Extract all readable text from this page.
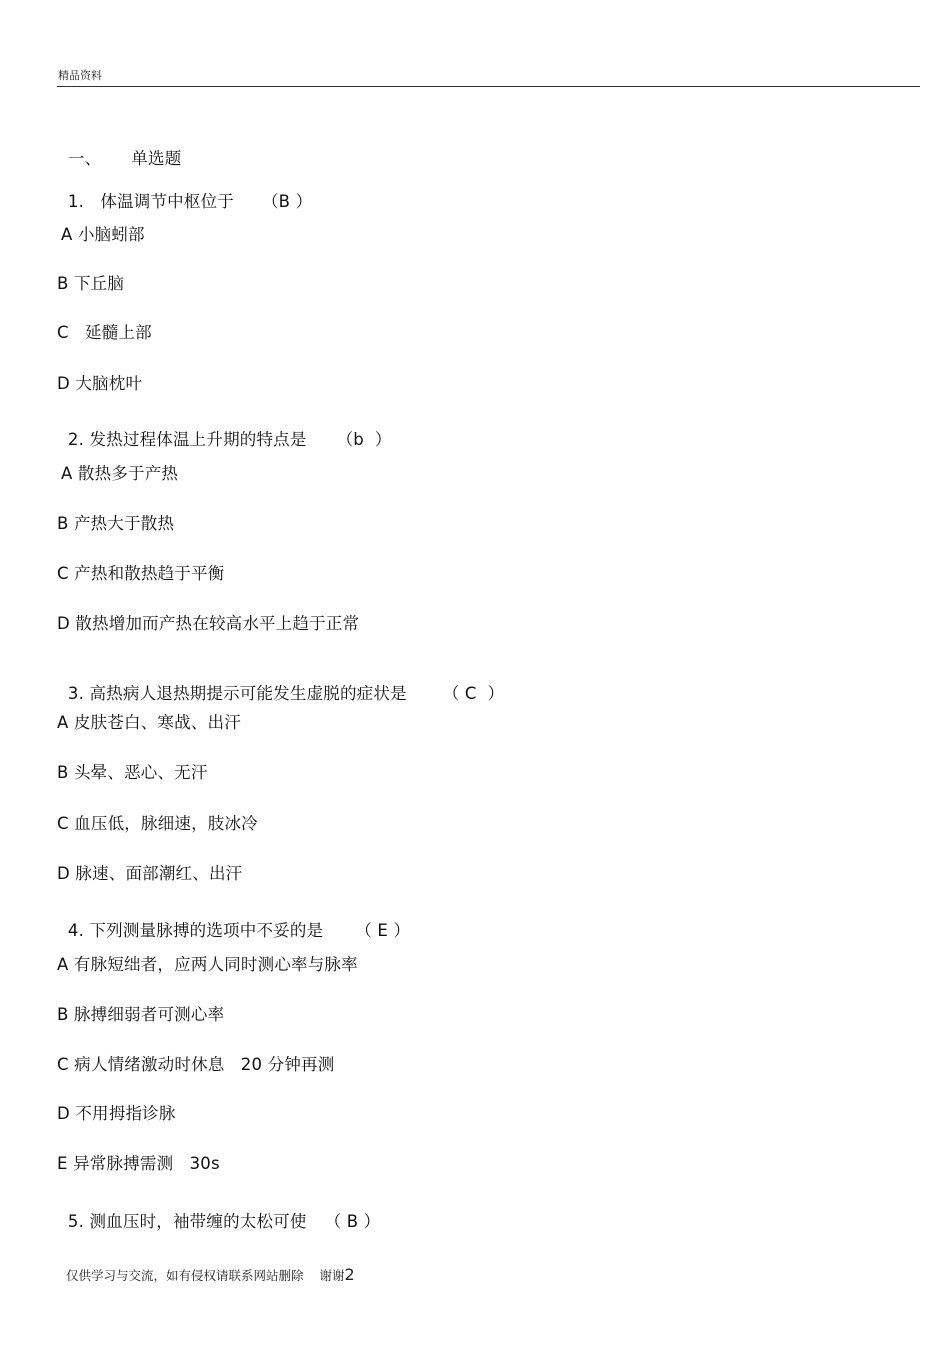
精品资料

一、 单选题

1.   体温调节中枢位于 （B ）

A 小脑蚓部
B 下丘脑
C   延髓上部
D 大脑枕叶

2. 发热过程体温上升期的特点是 （b  ）

A 散热多于产热
B 产热大于散热
C 产热和散热趋于平衡
D 散热增加而产热在较高水平上趋于正常

3. 高热病人退热期提示可能发生虚脱的症状是 （ C  ）

A 皮肤苍白、寒战、出汗
B 头晕、恶心、无汗
C 血压低，脉细速，肢冰冷
D 脉速、面部潮红、出汗

4. 下列测量脉搏的选项中不妥的是 （ E ）

A 有脉短绌者，应两人同时测心率与脉率
B 脉搏细弱者可测心率
C 病人情绪激动时休息   20 分钟再测
D 不用拇指诊脉
E 异常脉搏需测   30s

5. 测血压时，袖带缠的太松可使 （ B ）

仅供学习与交流，如有侵权请联系网站删除 谢谢2
